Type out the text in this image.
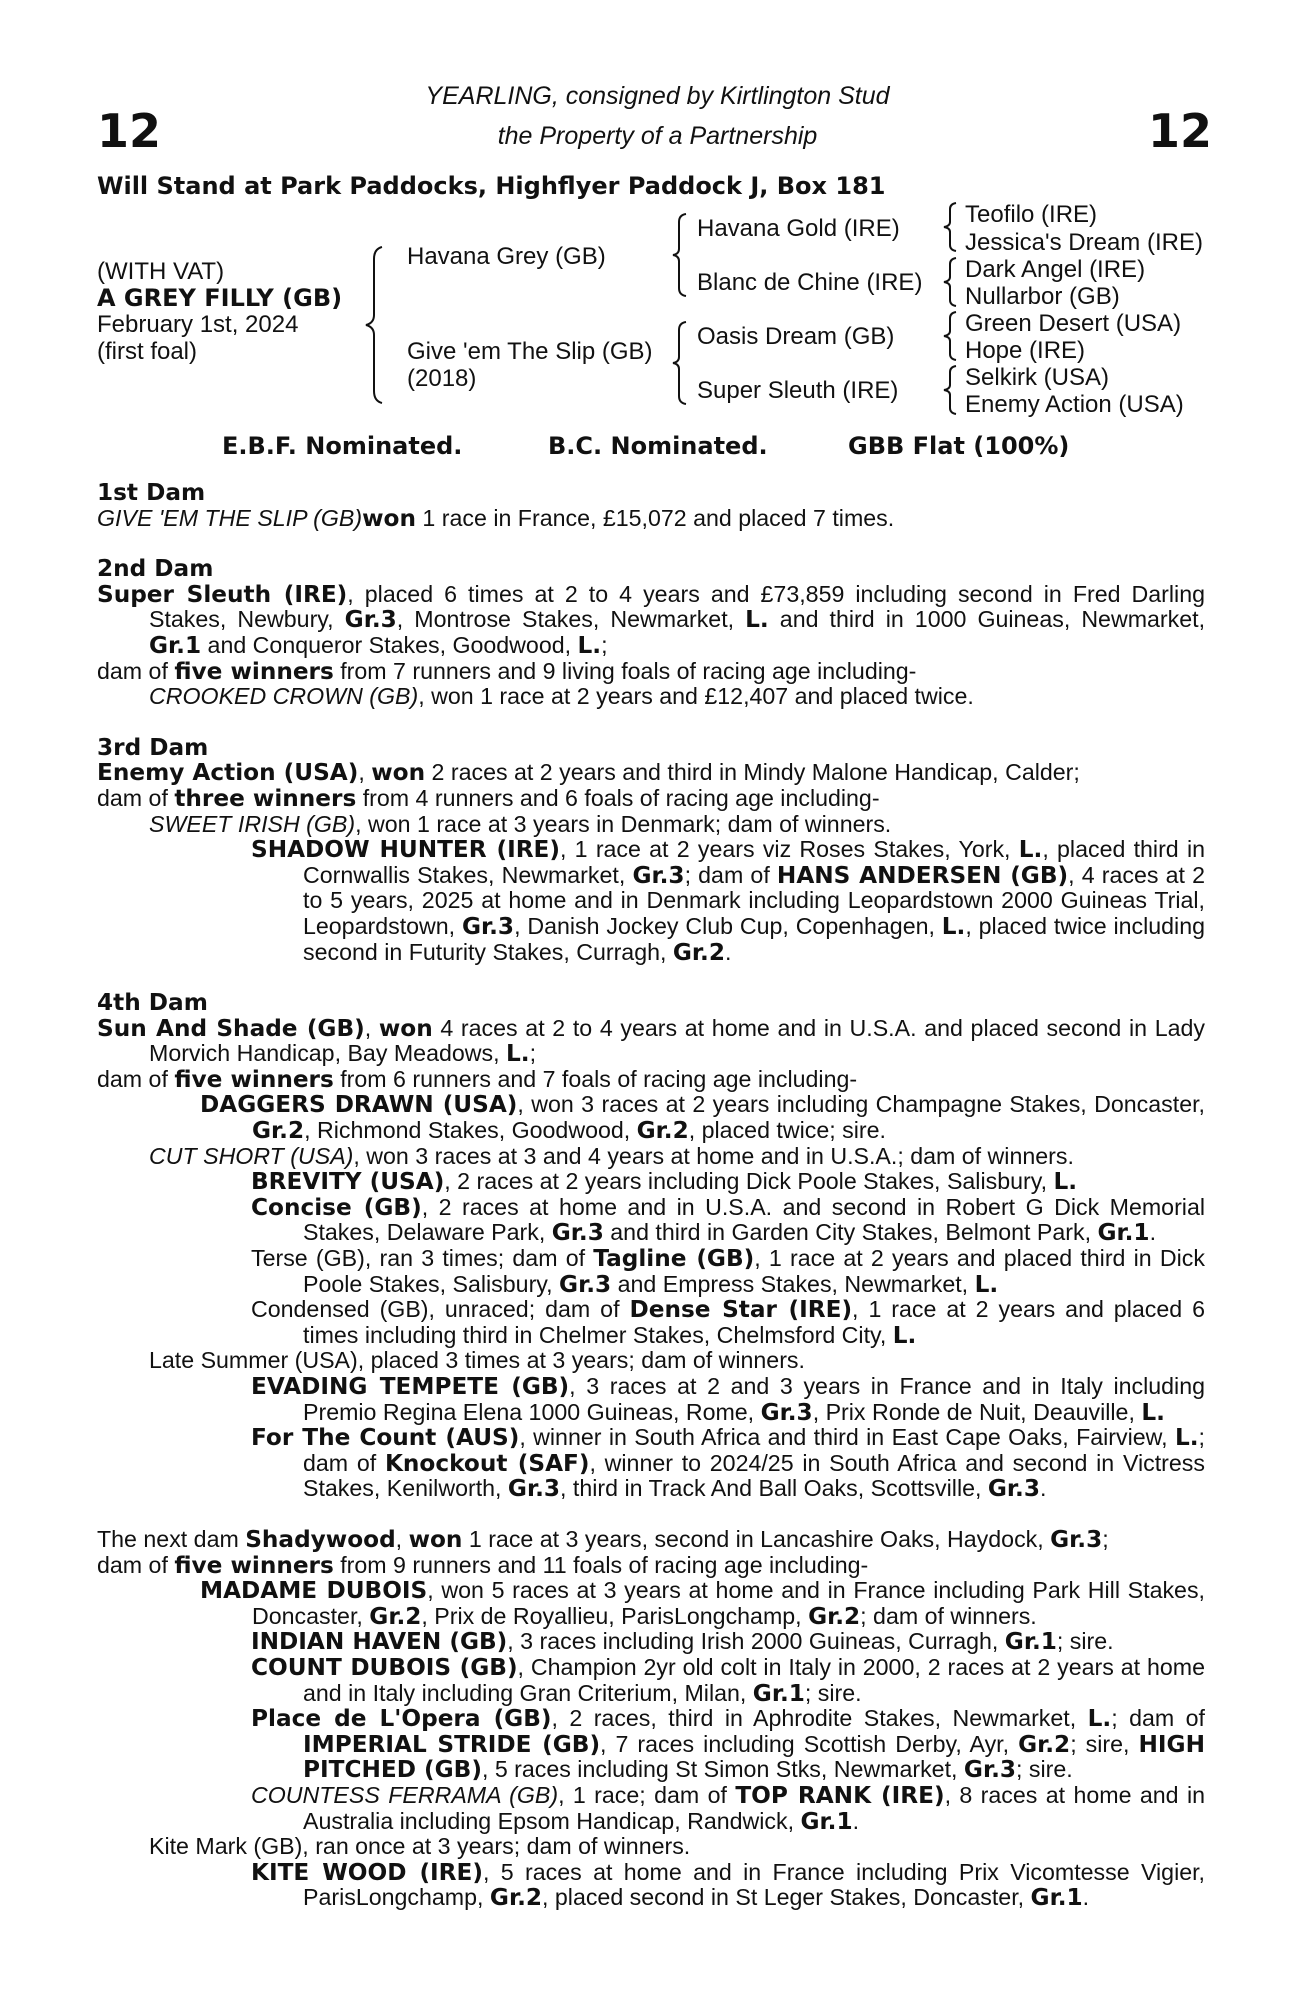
12	12
YEARLING, consigned by Kirtlington Stud
the Property of a Partnership
Will Stand at Park Paddocks, Highflyer Paddock J, Box 181
(WITH VAT)
A GREY FILLY (GB)
February 1st, 2024
(first foal)
Havana Grey (GB)
Give 'em The Slip (GB)
(2018)
Havana Gold (IRE)
Blanc de Chine (IRE)
Oasis Dream (GB)
Super Sleuth (IRE)
Teofilo (IRE)
Jessica's Dream (IRE)
Dark Angel (IRE)
Nullarbor (GB)
Green Desert (USA)
Hope (IRE)
Selkirk (USA)
Enemy Action (USA)
E.B.F. Nominated.	B.C. Nominated.	GBB Flat (100%)

1st Dam

GIVE 'EM THE SLIP (GB)won 1 race in France, £15,072 and placed 7 times.

2nd Dam

Super Sleuth (IRE), placed 6 times at 2 to 4 years and £73,859 including second in Fred Darling Stakes, Newbury, Gr.3, Montrose Stakes, Newmarket, L. and third in 1000 Guineas, Newmarket, Gr.1 and Conqueror Stakes, Goodwood, L.;

dam of five winners from 7 runners and 9 living foals of racing age including-

CROOKED CROWN (GB), won 1 race at 2 years and £12,407 and placed twice.

3rd Dam

Enemy Action (USA), won 2 races at 2 years and third in Mindy Malone Handicap, Calder;

dam of three winners from 4 runners and 6 foals of racing age including-

SWEET IRISH (GB), won 1 race at 3 years in Denmark; dam of winners.

SHADOW HUNTER (IRE), 1 race at 2 years viz Roses Stakes, York, L., placed third in Cornwallis Stakes, Newmarket, Gr.3; dam of HANS ANDERSEN (GB), 4 races at 2 to 5 years, 2025 at home and in Denmark including Leopardstown 2000 Guineas Trial, Leopardstown, Gr.3, Danish Jockey Club Cup, Copenhagen, L., placed twice including second in Futurity Stakes, Curragh, Gr.2.

4th Dam

Sun And Shade (GB), won 4 races at 2 to 4 years at home and in U.S.A. and placed second in Lady Morvich Handicap, Bay Meadows, L.;

dam of five winners from 6 runners and 7 foals of racing age including-

DAGGERS DRAWN (USA), won 3 races at 2 years including Champagne Stakes, Doncaster, Gr.2, Richmond Stakes, Goodwood, Gr.2, placed twice; sire.

CUT SHORT (USA), won 3 races at 3 and 4 years at home and in U.S.A.; dam of winners.

BREVITY (USA), 2 races at 2 years including Dick Poole Stakes, Salisbury, L.

Concise (GB), 2 races at home and in U.S.A. and second in Robert G Dick Memorial Stakes, Delaware Park, Gr.3 and third in Garden City Stakes, Belmont Park, Gr.1.

Terse (GB), ran 3 times; dam of Tagline (GB), 1 race at 2 years and placed third in Dick Poole Stakes, Salisbury, Gr.3 and Empress Stakes, Newmarket, L.

Condensed (GB), unraced; dam of Dense Star (IRE), 1 race at 2 years and placed 6 times including third in Chelmer Stakes, Chelmsford City, L.

Late Summer (USA), placed 3 times at 3 years; dam of winners.

EVADING TEMPETE (GB), 3 races at 2 and 3 years in France and in Italy including Premio Regina Elena 1000 Guineas, Rome, Gr.3, Prix Ronde de Nuit, Deauville, L.

For The Count (AUS), winner in South Africa and third in East Cape Oaks, Fairview, L.; dam of Knockout (SAF), winner to 2024/25 in South Africa and second in Victress Stakes, Kenilworth, Gr.3, third in Track And Ball Oaks, Scottsville, Gr.3.

The next dam Shadywood, won 1 race at 3 years, second in Lancashire Oaks, Haydock, Gr.3;

dam of five winners from 9 runners and 11 foals of racing age including-

MADAME DUBOIS, won 5 races at 3 years at home and in France including Park Hill Stakes, Doncaster, Gr.2, Prix de Royallieu, ParisLongchamp, Gr.2; dam of winners.

INDIAN HAVEN (GB), 3 races including Irish 2000 Guineas, Curragh, Gr.1; sire.

COUNT DUBOIS (GB), Champion 2yr old colt in Italy in 2000, 2 races at 2 years at home and in Italy including Gran Criterium, Milan, Gr.1; sire.

Place de L'Opera (GB), 2 races, third in Aphrodite Stakes, Newmarket, L.; dam of IMPERIAL STRIDE (GB), 7 races including Scottish Derby, Ayr, Gr.2; sire, HIGH PITCHED (GB), 5 races including St Simon Stks, Newmarket, Gr.3; sire.

COUNTESS FERRAMA (GB), 1 race; dam of TOP RANK (IRE), 8 races at home and in Australia including Epsom Handicap, Randwick, Gr.1.

Kite Mark (GB), ran once at 3 years; dam of winners.

KITE WOOD (IRE), 5 races at home and in France including Prix Vicomtesse Vigier, ParisLongchamp, Gr.2, placed second in St Leger Stakes, Doncaster, Gr.1.
